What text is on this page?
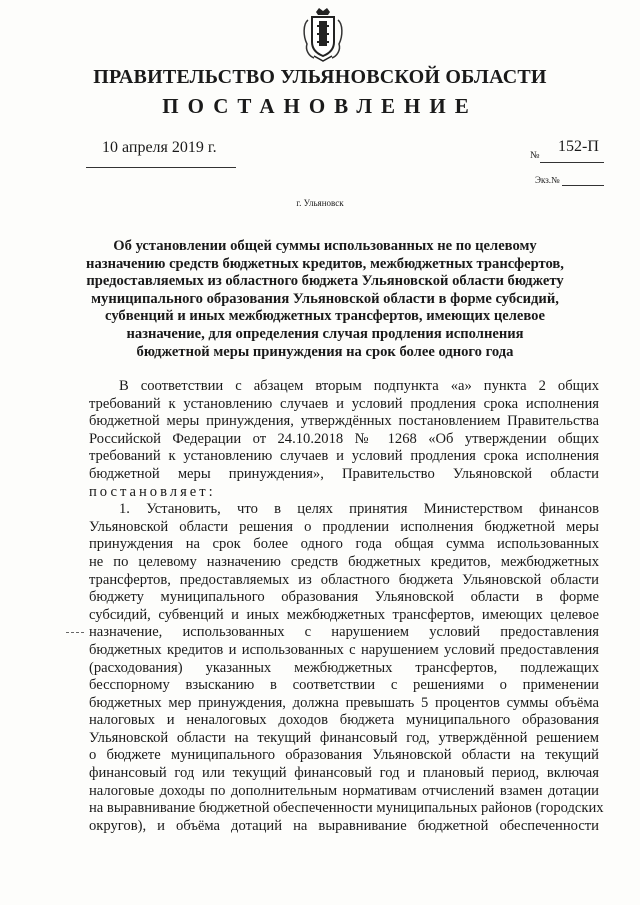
ПРАВИТЕЛЬСТВО УЛЬЯНОВСКОЙ ОБЛАСТИ
ПОСТАНОВЛЕНИЕ
10 апреля 2019 г.	№
152-П
Экз.№
г. Ульяновск
Об установлении общей суммы использованных не по целевому
назначению средств бюджетных кредитов, межбюджетных трансфертов,
предоставляемых из областного бюджета Ульяновской области бюджету
муниципального образования Ульяновской области в форме субсидий,
субвенций и иных межбюджетных трансфертов, имеющих целевое
назначение, для определения случая продления исполнения
бюджетной меры принуждения на срок более одного года
В соответствии с абзацем вторым подпункта «а» пункта 2 общих
требований к установлению случаев и условий продления срока исполнения
бюджетной меры принуждения, утверждённых постановлением Правительства
Российской Федерации от 24.10.2018 № 1268 «Об утверждении общих
требований к установлению случаев и условий продления срока исполнения
бюджетной меры принуждения», Правительство Ульяновской области
постановляет:
1. Установить, что в целях принятия Министерством финансов
Ульяновской области решения о продлении исполнения бюджетной меры
принуждения на срок более одного года общая сумма использованных
не по целевому назначению средств бюджетных кредитов, межбюджетных
трансфертов, предоставляемых из областного бюджета Ульяновской области
бюджету муниципального образования Ульяновской области в форме
субсидий, субвенций и иных межбюджетных трансфертов, имеющих целевое
назначение, использованных с нарушением условий предоставления
бюджетных кредитов и использованных с нарушением условий предоставления
(расходования) указанных межбюджетных трансфертов, подлежащих
бесспорному взысканию в соответствии с решениями о применении
бюджетных мер принуждения, должна превышать 5 процентов суммы объёма
налоговых и неналоговых доходов бюджета муниципального образования
Ульяновской области на текущий финансовый год, утверждённой решением
о бюджете муниципального образования Ульяновской области на текущий
финансовый год или текущий финансовый год и плановый период, включая
налоговые доходы по дополнительным нормативам отчислений взамен дотации
на выравнивание бюджетной обеспеченности муниципальных районов (городских
округов), и объёма дотаций на выравнивание бюджетной обеспеченности
